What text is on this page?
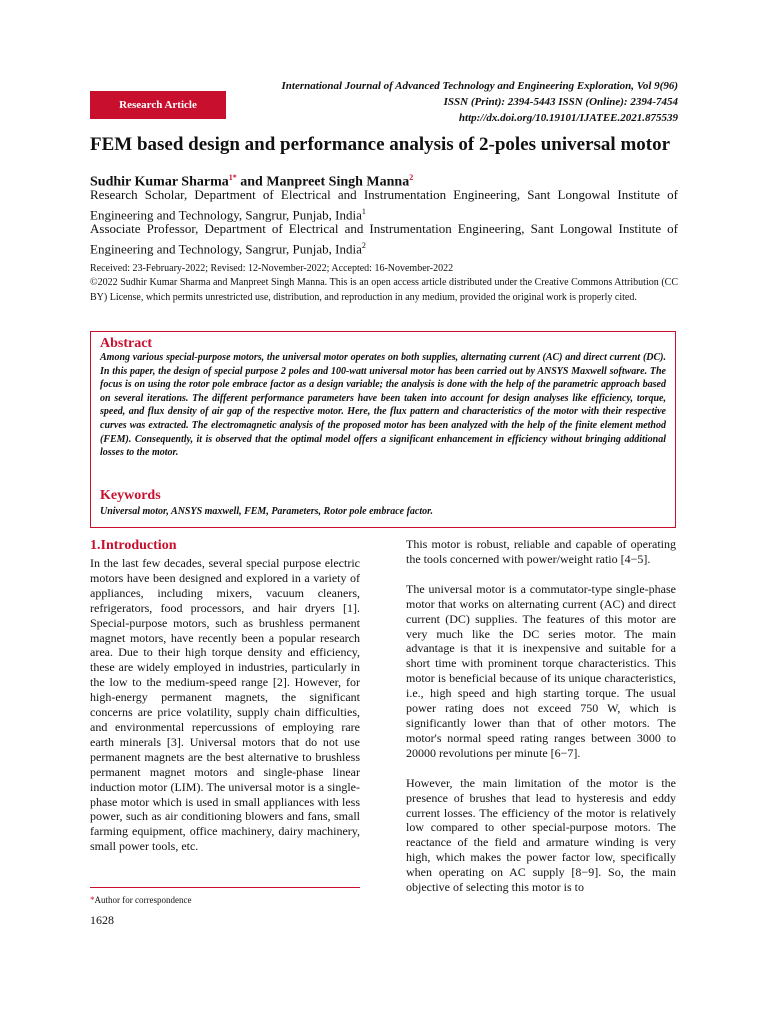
International Journal of Advanced Technology and Engineering Exploration, Vol 9(96)
ISSN (Print): 2394-5443 ISSN (Online): 2394-7454
http://dx.doi.org/10.19101/IJATEE.2021.875539
Research Article
FEM based design and performance analysis of 2-poles universal motor
Sudhir Kumar Sharma$^{1*}$ and Manpreet Singh Manna$^2$
Research Scholar, Department of Electrical and Instrumentation Engineering, Sant Longowal Institute of Engineering and Technology, Sangrur, Punjab, India$^1$
Associate Professor, Department of Electrical and Instrumentation Engineering, Sant Longowal Institute of Engineering and Technology, Sangrur, Punjab, India$^2$
Received: 23-February-2022; Revised: 12-November-2022; Accepted: 16-November-2022
©2022 Sudhir Kumar Sharma and Manpreet Singh Manna. This is an open access article distributed under the Creative Commons Attribution (CC BY) License, which permits unrestricted use, distribution, and reproduction in any medium, provided the original work is properly cited.
Abstract
Among various special-purpose motors, the universal motor operates on both supplies, alternating current (AC) and direct current (DC). In this paper, the design of special purpose 2 poles and 100-watt universal motor has been carried out by ANSYS Maxwell software. The focus is on using the rotor pole embrace factor as a design variable; the analysis is done with the help of the parametric approach based on several iterations. The different performance parameters have been taken into account for design analyses like efficiency, torque, speed, and flux density of air gap of the respective motor. Here, the flux pattern and characteristics of the motor with their respective curves was extracted. The electromagnetic analysis of the proposed motor has been analyzed with the help of the finite element method (FEM). Consequently, it is observed that the optimal model offers a significant enhancement in efficiency without bringing additional losses to the motor.
Keywords
Universal motor, ANSYS maxwell, FEM, Parameters, Rotor pole embrace factor.
1.Introduction

In the last few decades, several special purpose electric motors have been designed and explored in a variety of appliances, including mixers, vacuum cleaners, refrigerators, food processors, and hair dryers [1]. Special-purpose motors, such as brushless permanent magnet motors, have recently been a popular research area. Due to their high torque density and efficiency, these are widely employed in industries, particularly in the low to the medium-speed range [2]. However, for high-energy permanent magnets, the significant concerns are price volatility, supply chain difficulties, and environmental repercussions of employing rare earth minerals [3]. Universal motors that do not use permanent magnets are the best alternative to brushless permanent magnet motors and single-phase linear induction motor (LIM). The universal motor is a single-phase motor which is used in small appliances with less power, such as air conditioning blowers and fans, small farming equipment, office machinery, dairy machinery, small power tools, etc.

This motor is robust, reliable and capable of operating the tools concerned with power/weight ratio [4−5].

The universal motor is a commutator-type single-phase motor that works on alternating current (AC) and direct current (DC) supplies. The features of this motor are very much like the DC series motor. The main advantage is that it is inexpensive and suitable for a short time with prominent torque characteristics. This motor is beneficial because of its unique characteristics, i.e., high speed and high starting torque. The usual power rating does not exceed 750 W, which is significantly lower than that of other motors. The motor's normal speed rating ranges between 3000 to 20000 revolutions per minute [6−7].

However, the main limitation of the motor is the presence of brushes that lead to hysteresis and eddy current losses. The efficiency of the motor is relatively low compared to other special-purpose motors. The reactance of the field and armature winding is very high, which makes the power factor low, specifically when operating on AC supply [8−9]. So, the main objective of selecting this motor is to

*Author for correspondence
1628
